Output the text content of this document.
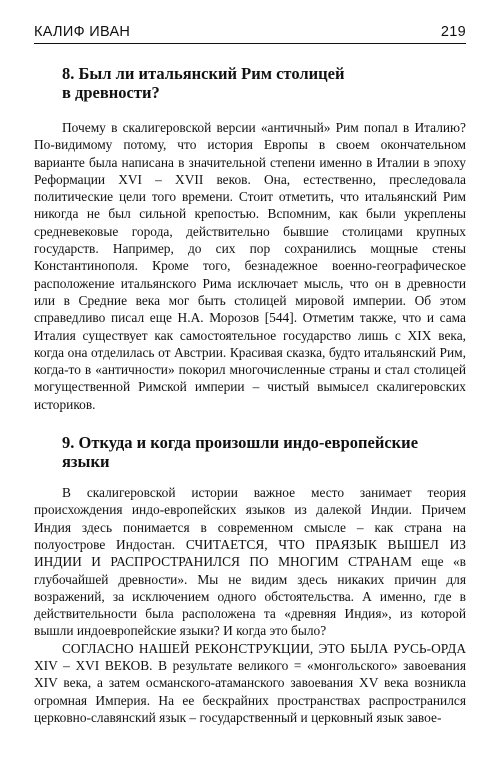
КАЛИФ ИВАН	219
8. Был ли итальянский Рим столицей
в древности?

Почему в скалигеровской версии «античный» Рим попал в Италию? По-видимому потому, что история Европы в своем окончательном варианте была написана в значительной степени именно в Италии в эпоху Реформации XVI – XVII веков. Она, естественно, преследовала политические цели того времени. Стоит отметить, что итальянский Рим никогда не был сильной крепостью. Вспомним, как были укреплены средневековые города, действительно бывшие столицами крупных государств. Например, до сих пор сохранились мощные стены Константинополя. Кроме того, безнадежное военно-географическое расположение итальянского Рима исключает мысль, что он в древности или в Средние века мог быть столицей мировой империи. Об этом справедливо писал еще Н.А. Морозов [544]. Отметим также, что и сама Италия существует как самостоятельное государство лишь с XIX века, когда она отделилась от Австрии. Красивая сказка, будто итальянский Рим, когда-то в «античности» покорил многочисленные страны и стал столицей могущественной Римской империи – чистый вымысел скалигеровских историков.

9. Откуда и когда произошли индо-европейские
языки

В скалигеровской истории важное место занимает теория происхождения индо-европейских языков из далекой Индии. Причем Индия здесь понимается в современном смысле – как страна на полуострове Индостан. СЧИТАЕТСЯ, ЧТО ПРАЯЗЫК ВЫШЕЛ ИЗ ИНДИИ И РАСПРОСТРАНИЛСЯ ПО МНОГИМ СТРАНАМ еще «в глубочайшей древности». Мы не видим здесь никаких причин для возражений, за исключением одного обстоятельства. А именно, где в действительности была расположена та «древняя Индия», из которой вышли индоевропейские языки? И когда это было?

СОГЛАСНО НАШЕЙ РЕКОНСТРУКЦИИ, ЭТО БЫЛА РУСЬ-ОРДА XIV – XVI ВЕКОВ. В результате великого = «монгольского» завоевания XIV века, а затем османского-атаманского завоевания XV века возникла огромная Империя. На ее бескрайних пространствах распространился церковно-славянский язык – государственный и церковный язык завое-
